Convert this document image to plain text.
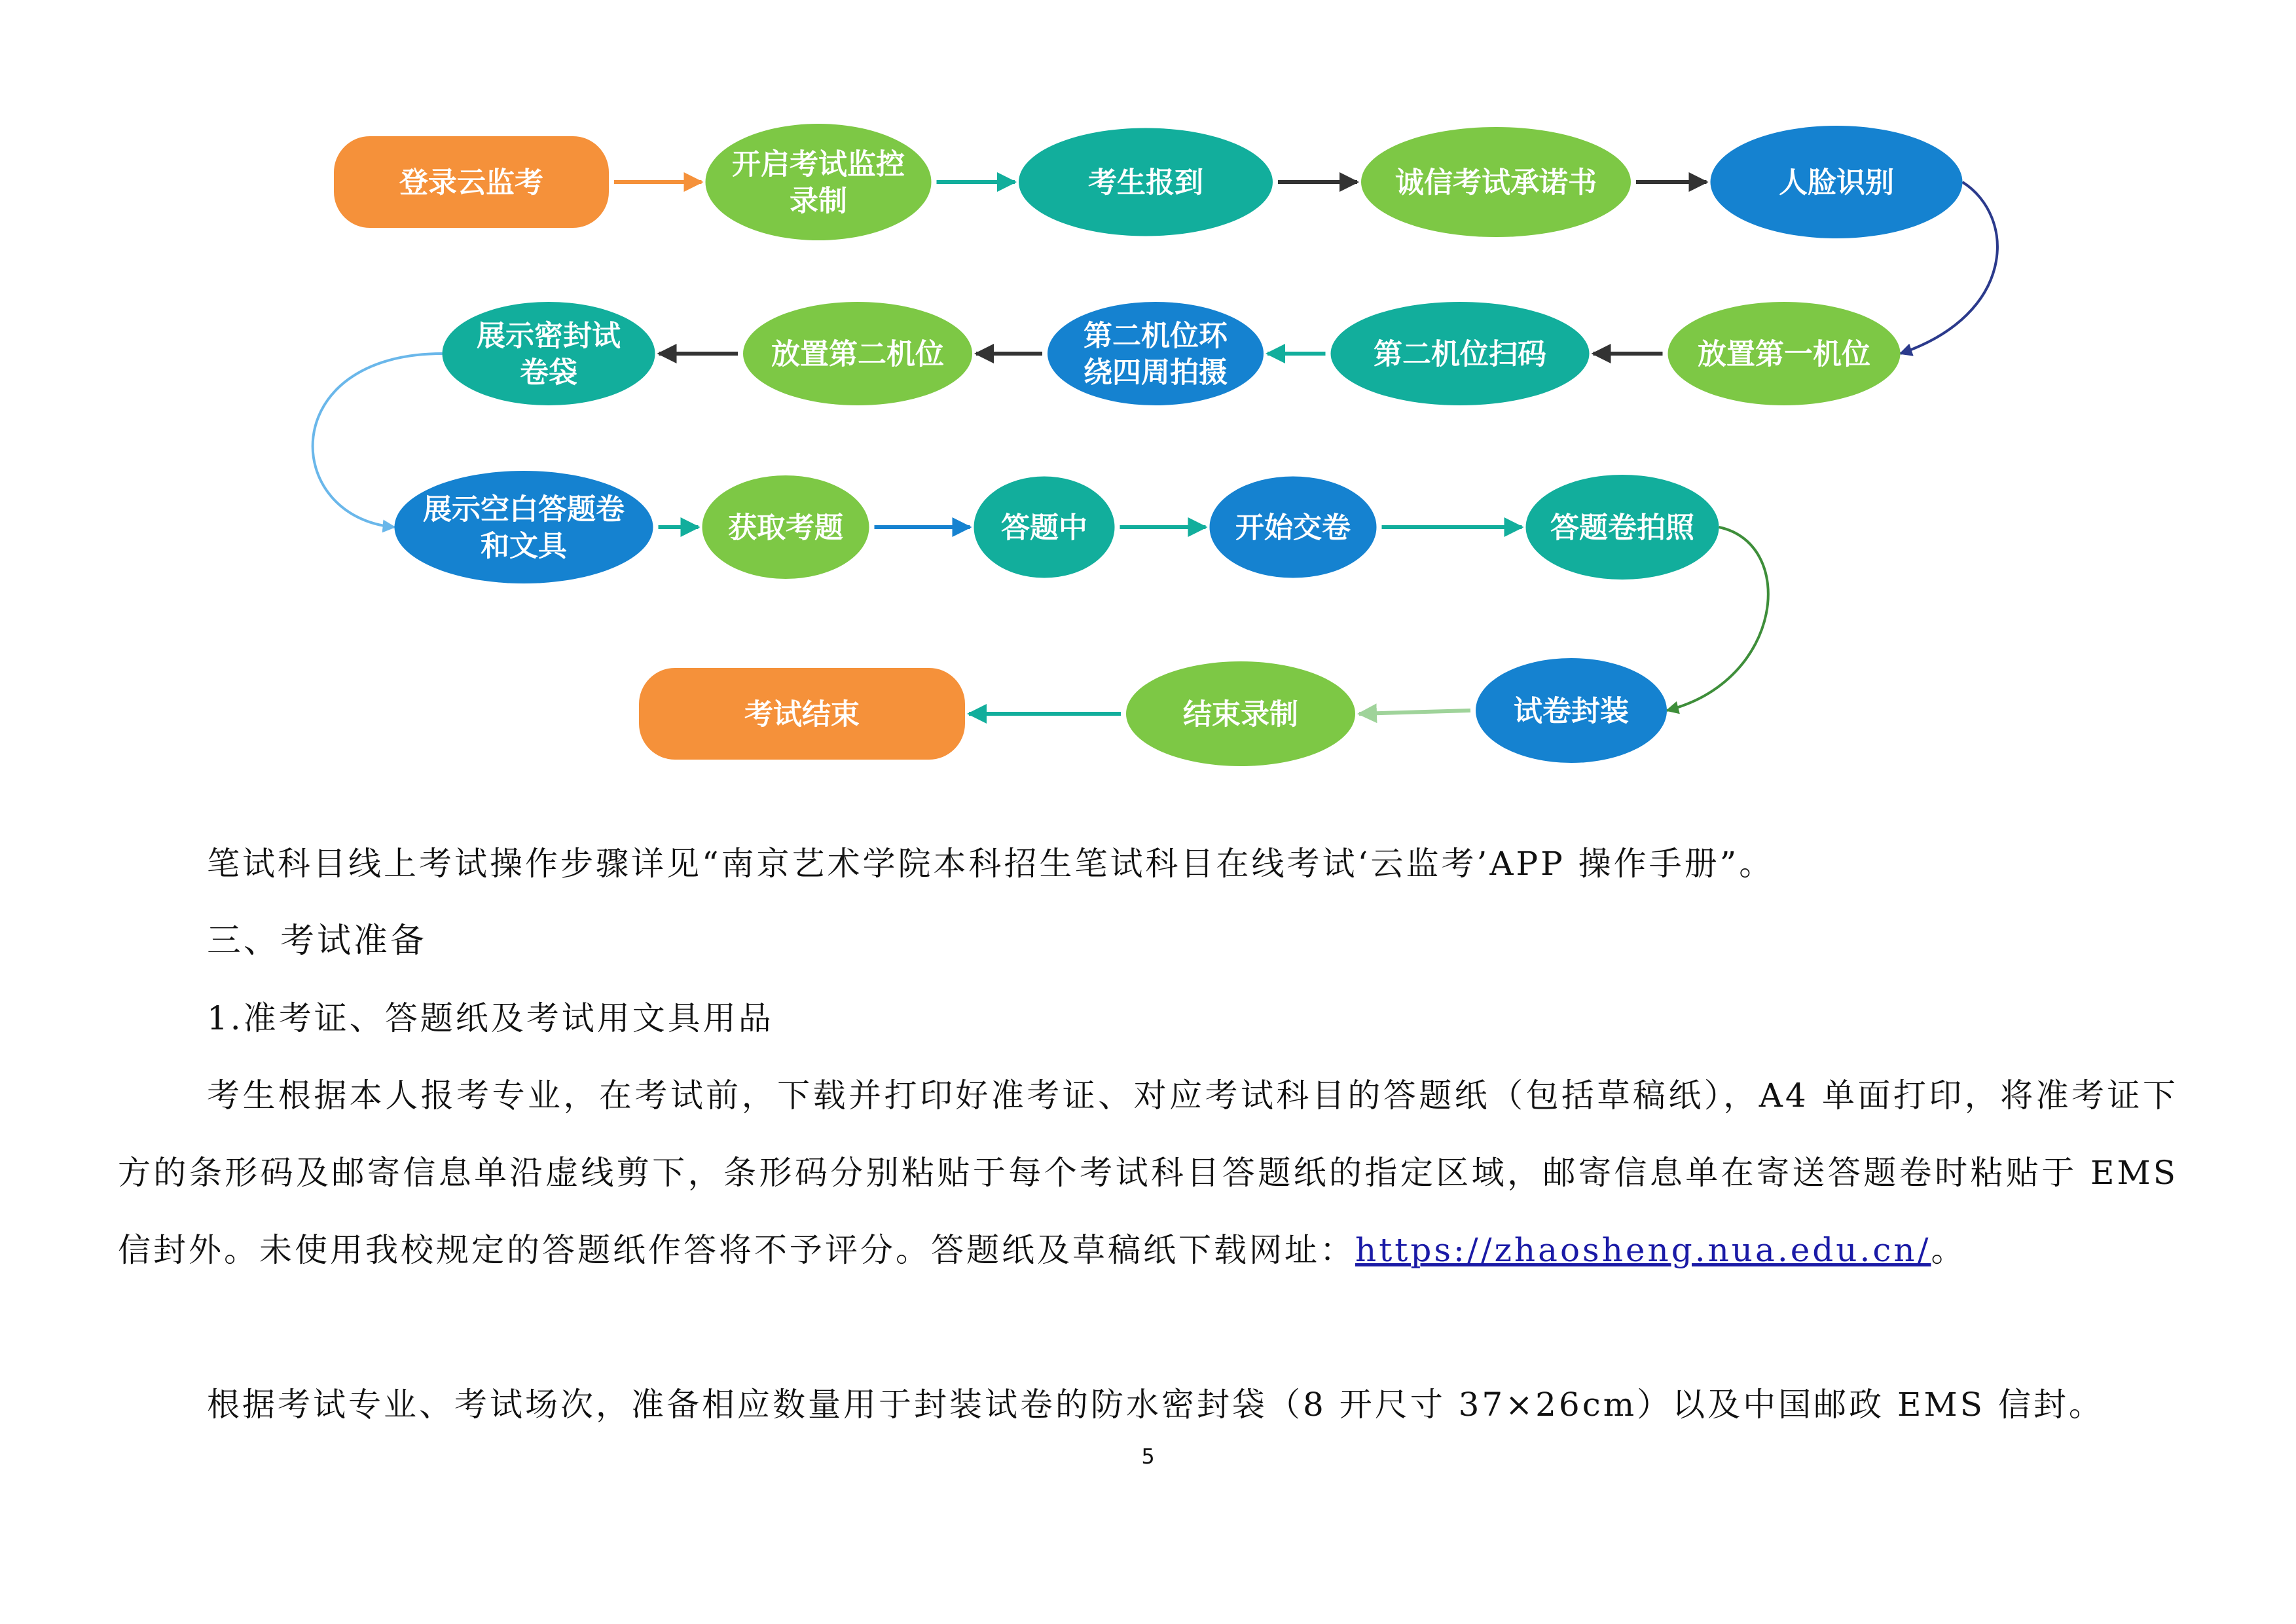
登录云监考
开启考试监控
录制
考生报到	诚信考试承诺书	人脸识别
放置第一机位
第二机位扫码
第二机位环
绕四周拍摄
放置第二机位
展示密封试
卷袋
展示空白答题卷
和文具
获取考题	答题中	开始交卷	答题卷拍照
试卷封装
结束录制
考试结束

笔试科目线上考试操作步骤详见“南京艺术学院本科招生笔试科目在线考试‘云监考’APP 操作手册”。

三、考试准备

1.准考证、答题纸及考试用文具用品

考生根据本人报考专业，在考试前，下载并打印好准考证、对应考试科目的答题纸（包括草稿纸），A4 单面打印，将准考证下方的条形码及邮寄信息单沿虚线剪下，条形码分别粘贴于每个考试科目答题纸的指定区域，邮寄信息单在寄送答题卷时粘贴于 EMS 信封外。未使用我校规定的答题纸作答将不予评分。答题纸及草稿纸下载网址：https://zhaosheng.nua.edu.cn/。

根据考试专业、考试场次，准备相应数量用于封装试卷的防水密封袋（8 开尺寸 37×26cm）以及中国邮政 EMS 信封。

5
